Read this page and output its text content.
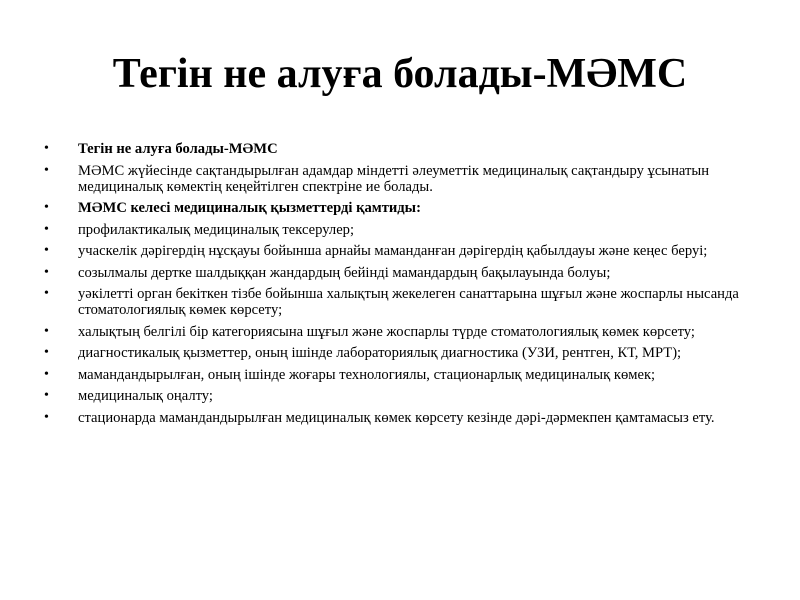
Тегін не алуға болады-МӘМС
• Тегін не алуға болады-МӘМС
• МӘМС жүйесінде сақтандырылған адамдар міндетті әлеуметтік медициналық сақтандыру ұсынатын медициналық көмектің кеңейтілген спектріне ие болады.
• МӘМС келесі медициналық қызметтерді қамтиды:
• профилактикалық медициналық тексерулер;
• учаскелік дәрігердің нұсқауы бойынша арнайы маманданған дәрігердің қабылдауы және кеңес беруі;
• созылмалы дертке шалдыққан жандардың бейінді мамандардың бақылауында болуы;
• уәкілетті орган бекіткен тізбе бойынша халықтың жекелеген санаттарына шұғыл және жоспарлы нысанда стоматологиялық көмек көрсету;
• халықтың белгілі бір категориясына шұғыл және жоспарлы түрде стоматологиялық көмек көрсету;
• диагностикалық қызметтер, оның ішінде лабораториялық диагностика (УЗИ, рентген, КТ, МРТ);
• мамандандырылған, оның ішінде жоғары технологиялы, стационарлық медициналық көмек;
• медициналық оңалту;
• стационарда мамандандырылған медициналық көмек көрсету кезінде дәрі-дәрмекпен қамтамасыз ету.
